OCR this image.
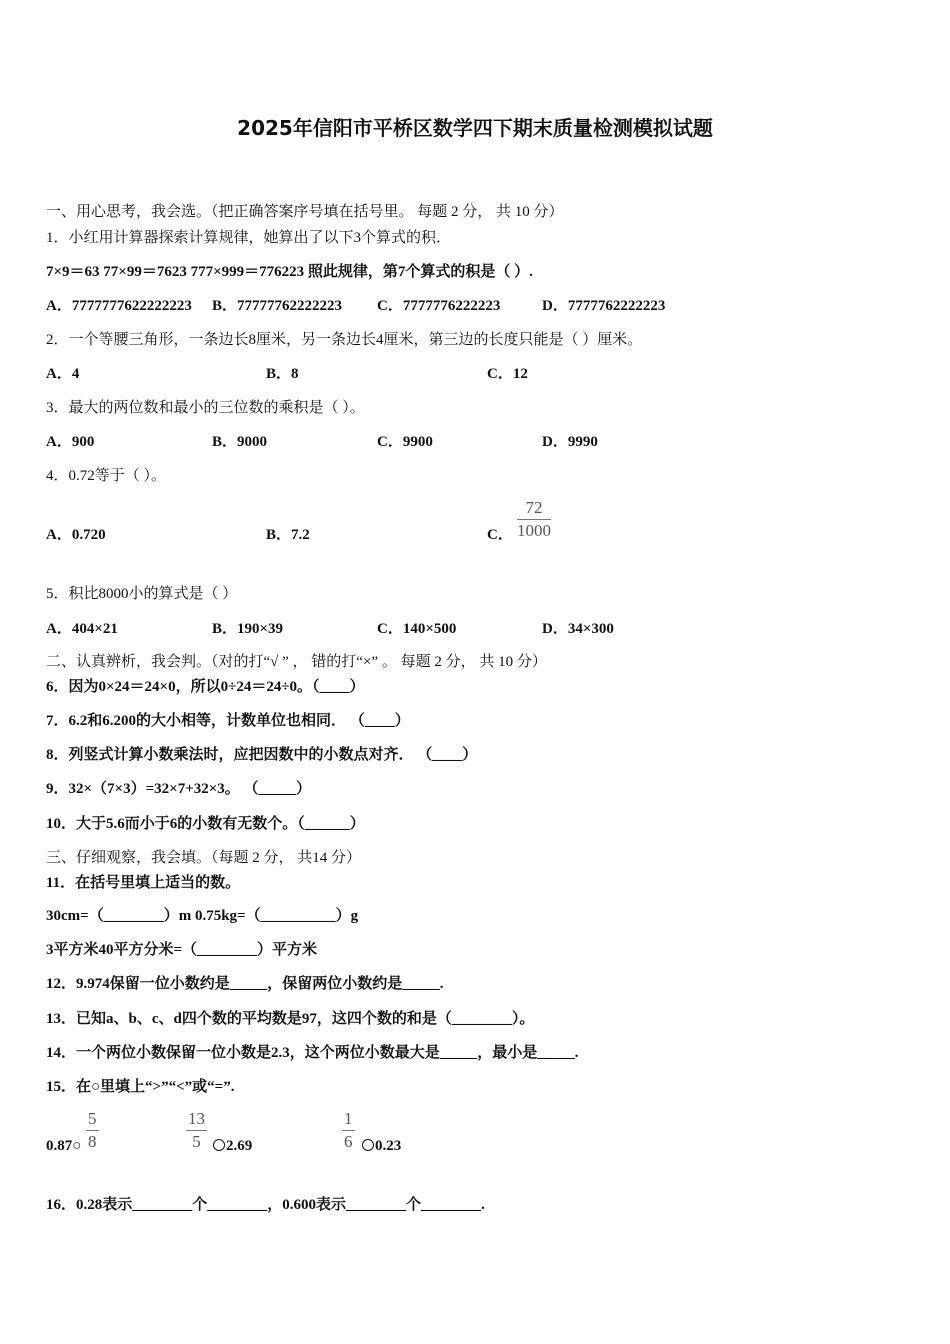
2025年信阳市平桥区数学四下期末质量检测模拟试题
一、用心思考，我会选。（把正确答案序号填在括号里。 每题 2 分， 共 10 分）
1．小红用计算器探索计算规律，她算出了以下3个算式的积．
7×9＝63 77×99＝7623 777×999＝776223 照此规律，第7个算式的积是（ ）.
A．7777777622222223 B．77777762222223 C．7777776222223	D．7777762222223
2．一个等腰三角形，一条边长8厘米，另一条边长4厘米，第三边的长度只能是（ ）厘米。
A．4	B．8	C．12
3．最大的两位数和最小的三位数的乘积是（ ）。
A．900	B．9000	C．9900	D．9990
4．0.72等于（ ）。
A．0.720	B．7.2	C．
72
1000
5．积比8000小的算式是（ ）
A．404×21	B．190×39	C．140×500	D．34×300
二、认真辨析，我会判。（对的打“√ ” ， 错的打“×” 。 每题 2 分， 共 10 分）
6．因为0×24＝24×0，所以0÷24＝24÷0。（____）
7．6.2和6.200的大小相等，计数单位也相同． （____）
8．列竖式计算小数乘法时，应把因数中的小数点对齐． （____）
9．32×（7×3）=32×7+32×3。 （_____）
10．大于5.6而小于6的小数有无数个。（______）
三、仔细观察，我会填。（每题 2 分， 共14 分）
11．在括号里填上适当的数。
30cm=（________）m 0.75kg=（__________）g
3平方米40平方分米=（________）平方米
12．9.974保留一位小数约是_____，保留两位小数约是_____.
13．已知a、b、c、d四个数的平均数是97，这四个数的和是（________）。
14．一个两位小数保留一位小数是2.3，这个两位小数最大是_____，最小是_____.
15．在○里填上“>”“<”或“=”.
0.87○
5
8
13
5	2.69
1
6	0.23
16．0.28表示________个________，0.600表示________个________.
